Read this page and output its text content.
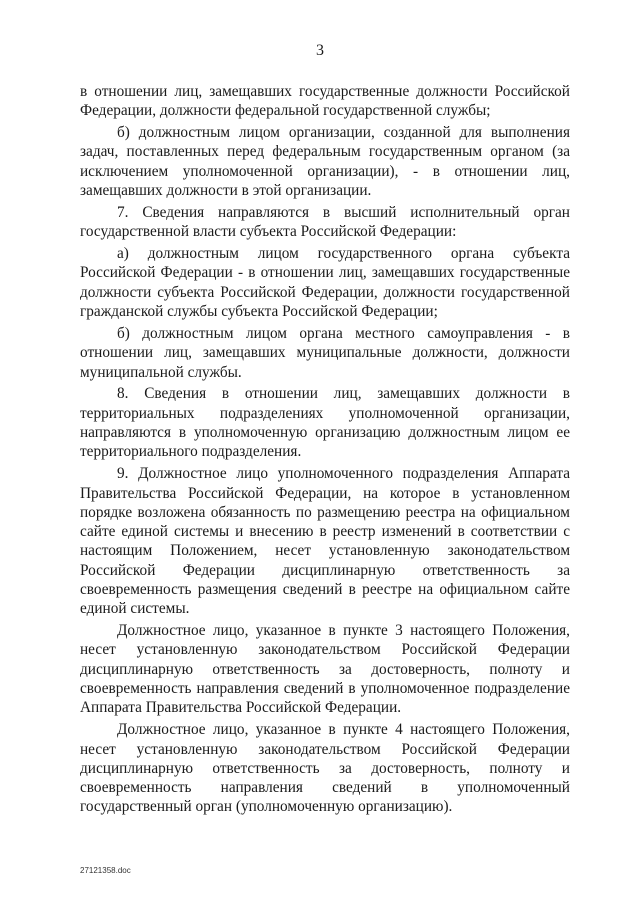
3

в отношении лиц, замещавших государственные должности Российской Федерации, должности федеральной государственной службы;

б) должностным лицом организации, созданной для выполнения задач, поставленных перед федеральным государственным органом (за исключением уполномоченной организации), - в отношении лиц, замещавших должности в этой организации.

7. Сведения направляются в высший исполнительный орган государственной власти субъекта Российской Федерации:

а) должностным лицом государственного органа субъекта Российской Федерации - в отношении лиц, замещавших государственные должности субъекта Российской Федерации, должности государственной гражданской службы субъекта Российской Федерации;

б) должностным лицом органа местного самоуправления - в отношении лиц, замещавших муниципальные должности, должности муниципальной службы.

8. Сведения в отношении лиц, замещавших должности в территориальных подразделениях уполномоченной организации, направляются в уполномоченную организацию должностным лицом ее территориального подразделения.

9. Должностное лицо уполномоченного подразделения Аппарата Правительства Российской Федерации, на которое в установленном порядке возложена обязанность по размещению реестра на официальном сайте единой системы и внесению в реестр изменений в соответствии с настоящим Положением, несет установленную законодательством Российской Федерации дисциплинарную ответственность за своевременность размещения сведений в реестре на официальном сайте единой системы.

Должностное лицо, указанное в пункте 3 настоящего Положения, несет установленную законодательством Российской Федерации дисциплинарную ответственность за достоверность, полноту и своевременность направления сведений в уполномоченное подразделение Аппарата Правительства Российской Федерации.

Должностное лицо, указанное в пункте 4 настоящего Положения, несет установленную законодательством Российской Федерации дисциплинарную ответственность за достоверность, полноту и своевременность направления сведений в уполномоченный государственный орган (уполномоченную организацию).

27121358.doc
